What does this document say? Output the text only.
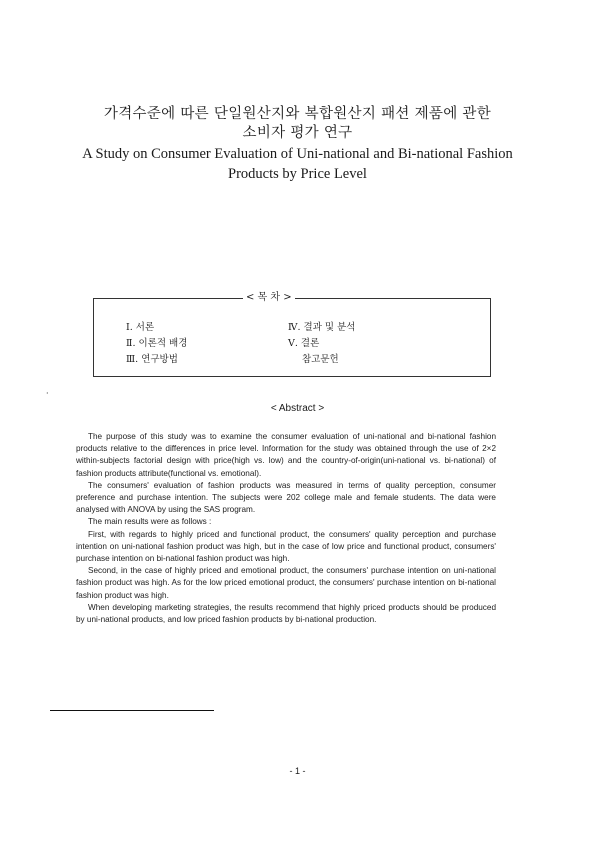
가격수준에 따른 단일원산지와 복합원산지 패션 제품에 관한
소비자 평가 연구
A Study on Consumer Evaluation of Uni-national and Bi-national Fashion
Products by Price Level
< 목 차 >
Ⅰ. 서론
Ⅱ. 이론적 배경
Ⅲ. 연구방법
Ⅳ. 결과 및 분석
Ⅴ. 결론
참고문헌
·
< Abstract >

The purpose of this study was to examine the consumer evaluation of uni-national and bi-national fashion products relative to the differences in price level. Information for the study was obtained through the use of 2×2 within-subjects factorial design with price(high vs. low) and the country-of-origin(uni-national vs. bi-national) of fashion products attribute(functional vs. emotional).

The consumers' evaluation of fashion products was measured in terms of quality perception, consumer preference and purchase intention. The subjects were 202 college male and female students. The data were analysed with ANOVA by using the SAS program.

The main results were as follows :

First, with regards to highly priced and functional product, the consumers' quality perception and purchase intention on uni-national fashion product was high, but in the case of low price and functional product, consumers' purchase intention on bi-national fashion product was high.

Second, in the case of highly priced and emotional product, the consumers' purchase intention on uni-national fashion product was high. As for the low priced emotional product, the consumers' purchase intention on bi-national fashion product was high.

When developing marketing strategies, the results recommend that highly priced products should be produced by uni-national products, and low priced fashion products by bi-national production.

- 1 -
